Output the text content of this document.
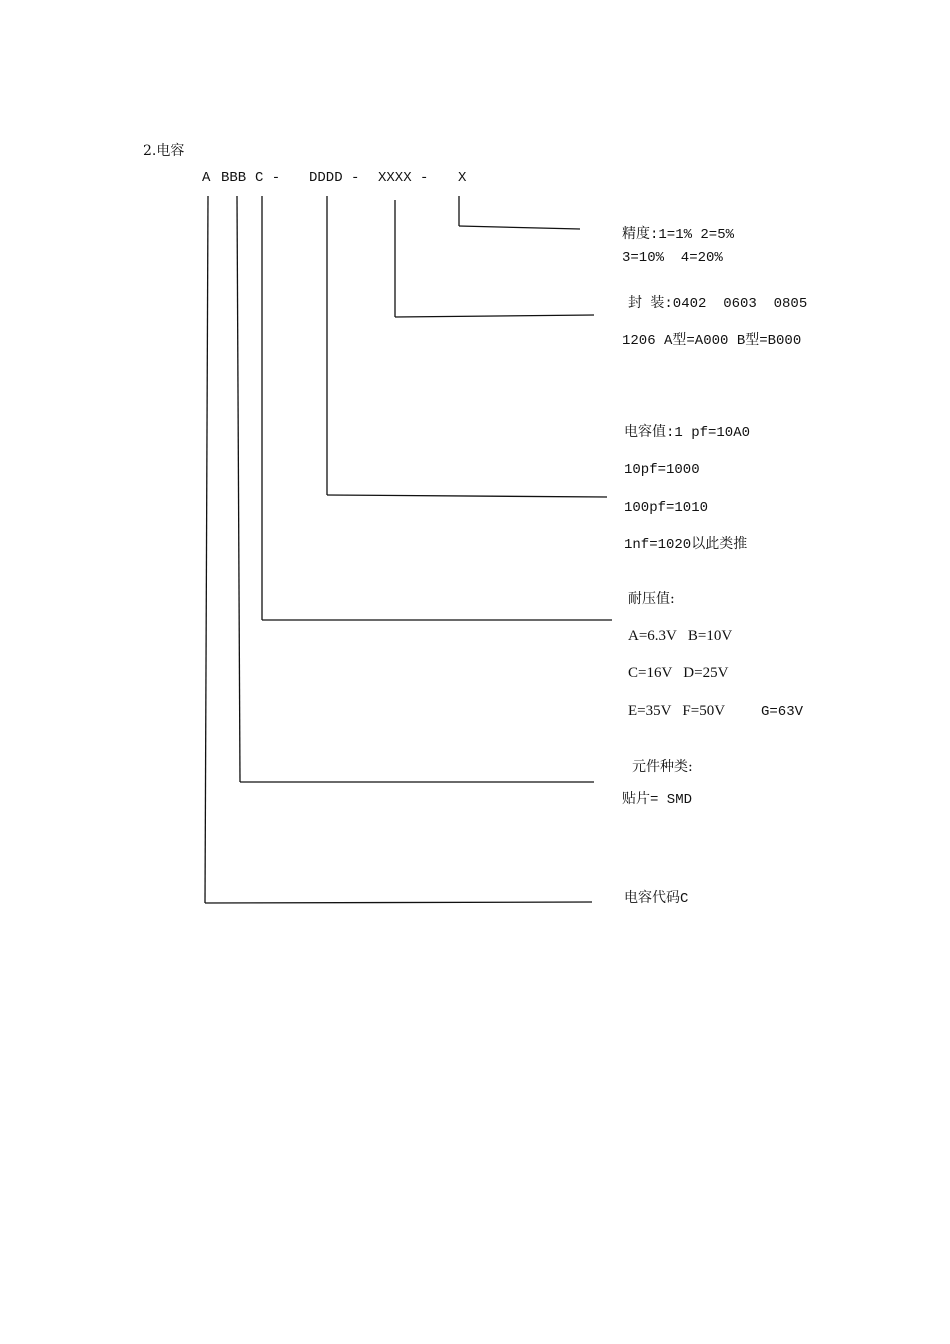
2.电容
A BBB C - DDDD - XXXX - X
精度:1=1% 2=5%
3=10%  4=20%
封 装:0402  0603  0805
1206 A型=A000 B型=B000
电容值:1 pf=10A0
10pf=1000
100pf=1010
1nf=1020以此类推
耐压值:
A=6.3V   B=10V
C=16V   D=25V
E=35V   F=50V	G=63V
元件种类:
贴片= SMD
电容代码C
